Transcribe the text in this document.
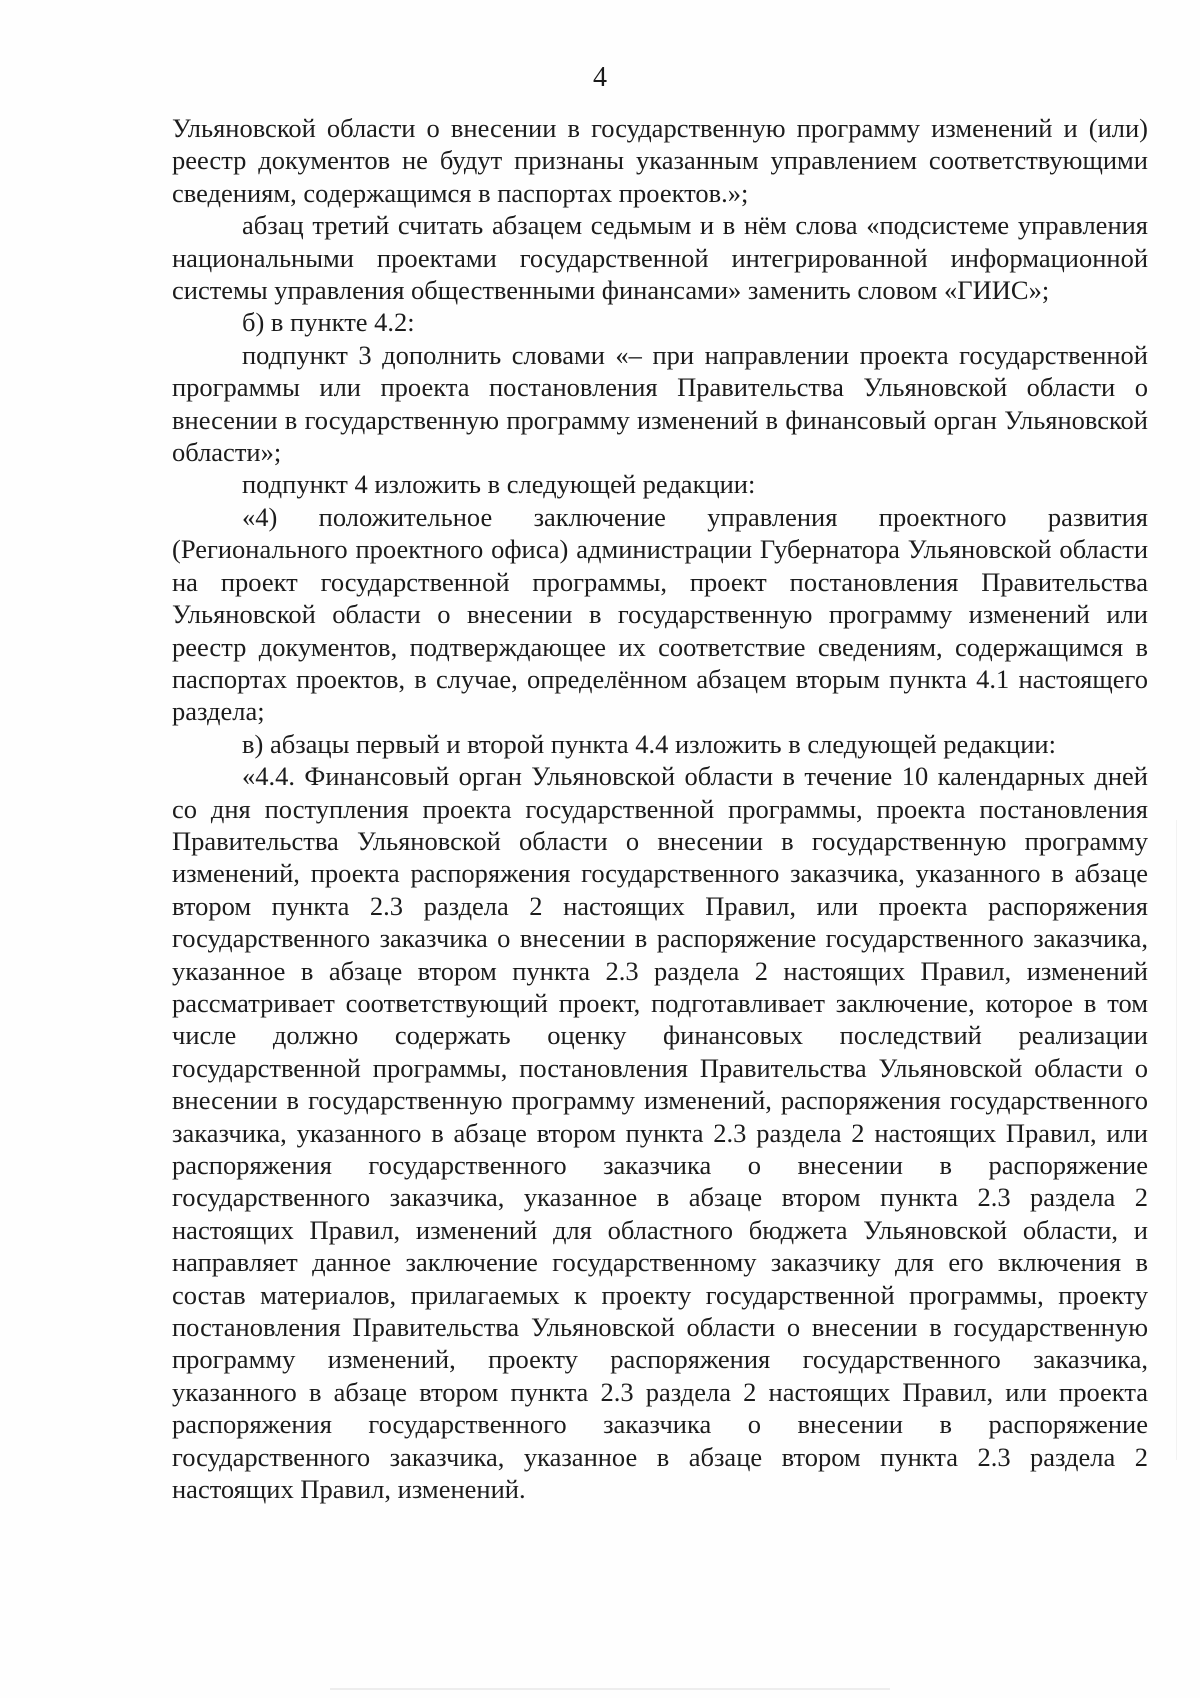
4

Ульяновской области о внесении в государственную программу изменений и (или) реестр документов не будут признаны указанным управлением соответствующими сведениям, содержащимся в паспортах проектов.»;

абзац третий считать абзацем седьмым и в нём слова «подсистеме управления национальными проектами государственной интегрированной информационной системы управления общественными финансами» заменить словом «ГИИС»;

б) в пункте 4.2:

подпункт 3 дополнить словами «– при направлении проекта государственной программы или проекта постановления Правительства Ульяновской области о внесении в государственную программу изменений в финансовый орган Ульяновской области»;

подпункт 4 изложить в следующей редакции:

«4) положительное заключение управления проектного развития (Регионального проектного офиса) администрации Губернатора Ульяновской области на проект государственной программы, проект постановления Правительства Ульяновской области о внесении в государственную программу изменений или реестр документов, подтверждающее их соответствие сведениям, содержащимся в паспортах проектов, в случае, определённом абзацем вторым пункта 4.1 настоящего раздела;

в) абзацы первый и второй пункта 4.4 изложить в следующей редакции:

«4.4. Финансовый орган Ульяновской области в течение 10 календарных дней со дня поступления проекта государственной программы, проекта постановления Правительства Ульяновской области о внесении в государственную программу изменений, проекта распоряжения государственного заказчика, указанного в абзаце втором пункта 2.3 раздела 2 настоящих Правил, или проекта распоряжения государственного заказчика о внесении в распоряжение государственного заказчика, указанное в абзаце втором пункта 2.3 раздела 2 настоящих Правил, изменений рассматривает соответствующий проект, подготавливает заключение, которое в том числе должно содержать оценку финансовых последствий реализации государственной программы, постановления Правительства Ульяновской области о внесении в государственную программу изменений, распоряжения государственного заказчика, указанного в абзаце втором пункта 2.3 раздела 2 настоящих Правил, или распоряжения государственного заказчика о внесении в распоряжение государственного заказчика, указанное в абзаце втором пункта 2.3 раздела 2 настоящих Правил, изменений для областного бюджета Ульяновской области, и направляет данное заключение государственному заказчику для его включения в состав материалов, прилагаемых к проекту государственной программы, проекту постановления Правительства Ульяновской области о внесении в государственную программу изменений, проекту распоряжения государственного заказчика, указанного в абзаце втором пункта 2.3 раздела 2 настоящих Правил, или проекта распоряжения государственного заказчика о внесении в распоряжение государственного заказчика, указанное в абзаце втором пункта 2.3 раздела 2 настоящих Правил, изменений.
